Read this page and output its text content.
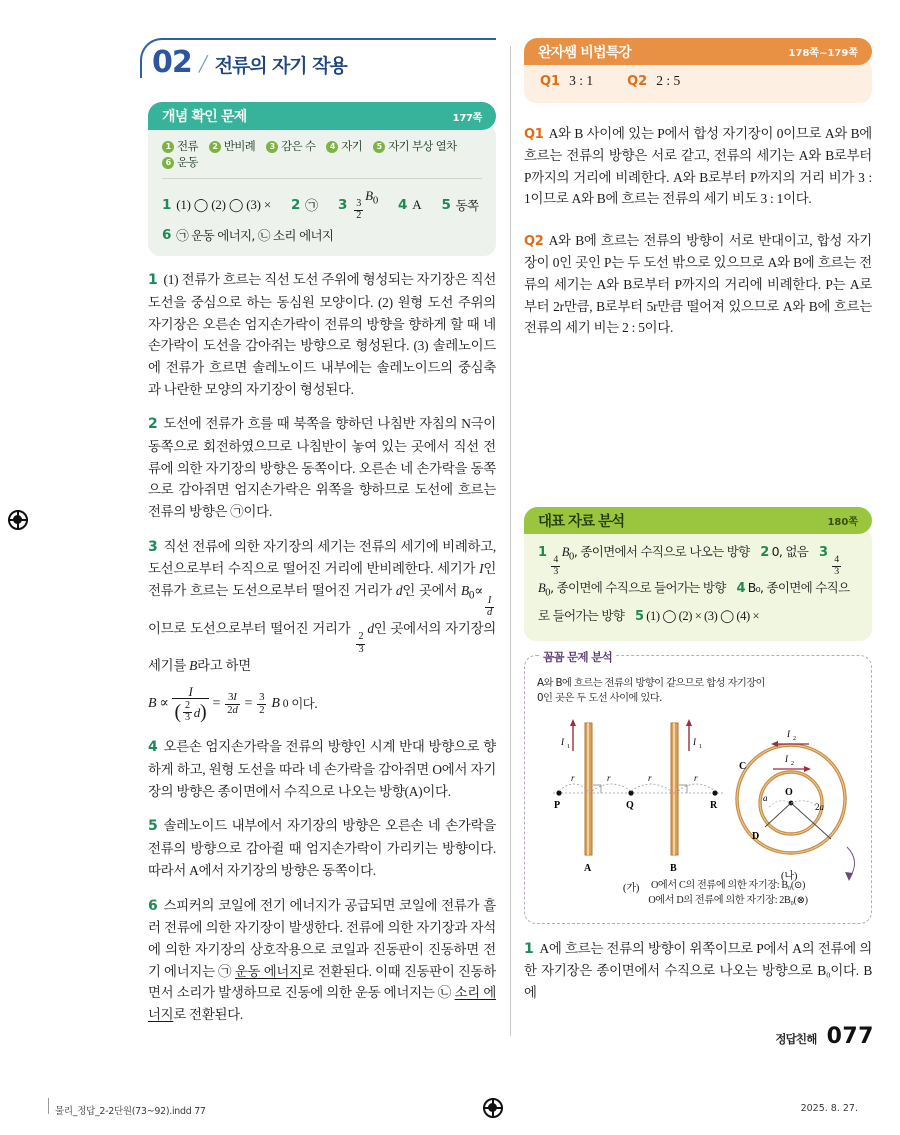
02 ╱ 전류의 자기 작용
개념 확인 문제	177쪽
1 전류	2 반비례	3 감은 수	4 자기	5 자기 부상 열차
6 운동
1 (1) ◯ (2) ◯ (3) × 2 ㉠ $3 \frac{3}{2}$
$B_0$ 4 A 5 동쪽
6 ㉠ 운동 에너지, ㉡ 소리 에너지

1 (1) 전류가 흐르는 직선 도선 주위에 형성되는 자기장은 직선 도선을 중심으로 하는 동심원 모양이다. (2) 원형 도선 주위의 자기장은 오른손 엄지손가락이 전류의 방향을 향하게 할 때 네 손가락이 도선을 감아쥐는 방향으로 형성된다. (3) 솔레노이드에 전류가 흐르면 솔레노이드 내부에는 솔레노이드의 중심축과 나란한 모양의 자기장이 형성된다.

2 도선에 전류가 흐를 때 북쪽을 향하던 나침반 자침의 N극이 동쪽으로 회전하였으므로 나침반이 놓여 있는 곳에서 직선 전류에 의한 자기장의 방향은 동쪽이다. 오른손 네 손가락을 동쪽으로 감아쥐면 엄지손가락은 위쪽을 향하므로 도선에 흐르는 전류의 방향은 ㉠이다.

3 직선 전류에 의한 자기장의 세기는 전류의 세기에 비례하고, 도선으로부터 수직으로 떨어진 거리에 반비례한다. 세기가 I인 전류가 흐르는 도선으로부터 떨어진 거리가 d인 곳에서 $B_0\propto$
$\frac{I}{d}$
이므로 도선으로부터 떨어진 거리가
$\frac{2}{3}$
d인 곳에서의 자기장의 세기를 B라고 하면
$B \propto \frac{I}{( \frac{2}{3} d )} = \frac{3I}{2d} = \frac{3}{2}$ B 0 이다.

4 오른손 엄지손가락을 전류의 방향인 시계 반대 방향으로 향하게 하고, 원형 도선을 따라 네 손가락을 감아쥐면 O에서 자기장의 방향은 종이면에서 수직으로 나오는 방향(A)이다.

5 솔레노이드 내부에서 자기장의 방향은 오른손 네 손가락을 전류의 방향으로 감아쥘 때 엄지손가락이 가리키는 방향이다. 따라서 A에서 자기장의 방향은 동쪽이다.

6 스피커의 코일에 전기 에너지가 공급되면 코일에 전류가 흘러 전류에 의한 자기장이 발생한다. 전류에 의한 자기장과 자석에 의한 자기장의 상호작용으로 코일과 진동판이 진동하면 전기 에너지는 ㉠ 운동 에너지로 전환된다. 이때 진동판이 진동하면서 소리가 발생하므로 진동에 의한 운동 에너지는 ㉡ 소리 에너지로 전환된다.

완자쌤 비법특강	178쪽~179쪽
Q1 3 : 1	Q2 2 : 5

Q1 A와 B 사이에 있는 P에서 합성 자기장이 0이므로 A와 B에 흐르는 전류의 방향은 서로 같고, 전류의 세기는 A와 B로부터 P까지의 거리에 비례한다. A와 B로부터 P까지의 거리 비가 3 : 1이므로 A와 B에 흐르는 전류의 세기 비도 3 : 1이다.

Q2 A와 B에 흐르는 전류의 방향이 서로 반대이고, 합성 자기장이 0인 곳인 P는 두 도선 밖으로 있으므로 A와 B에 흐르는 전류의 세기는 A와 B로부터 P까지의 거리에 비례한다. P는 A로부터 2r만큼, B로부터 5r만큼 떨어져 있으므로 A와 B에 흐르는 전류의 세기 비는 2 : 5이다.

대표 자료 분석	180쪽
1
$\frac{4}{3}$
$B_0$, 종이면에서 수직으로 나오는 방향 2 0, 없음 3
$\frac{4}{3}$
$B_0$, 종이면에 수직으로 들어가는 방향 4 B₀, 종이면에 수직으로 들어가는 방향 5 (1) ◯ (2) × (3) ◯ (4) ×
꼼꼼 문제 분석
A와 B에 흐르는 전류의 방향이 같으므로 합성 자기장이
0인 곳은 두 도선 사이에 있다.
I 1	I 1
P	Q	R
r	r	r	r
A	B
(가)
I 2
I 2
O
a
2a
C
D
(나)
O에서 C의 전류에 의한 자기장: B₀(⊙)
O에서 D의 전류에 의한 자기장: 2B₀(⊗)

1 A에 흐르는 전류의 방향이 위쪽이므로 P에서 A의 전류에 의한 자기장은 종이면에서 수직으로 나오는 방향으로 B₀이다. B에

정답친해 077
물리_정답_2-2단원(73~92).indd 77	2025. 8. 27.
